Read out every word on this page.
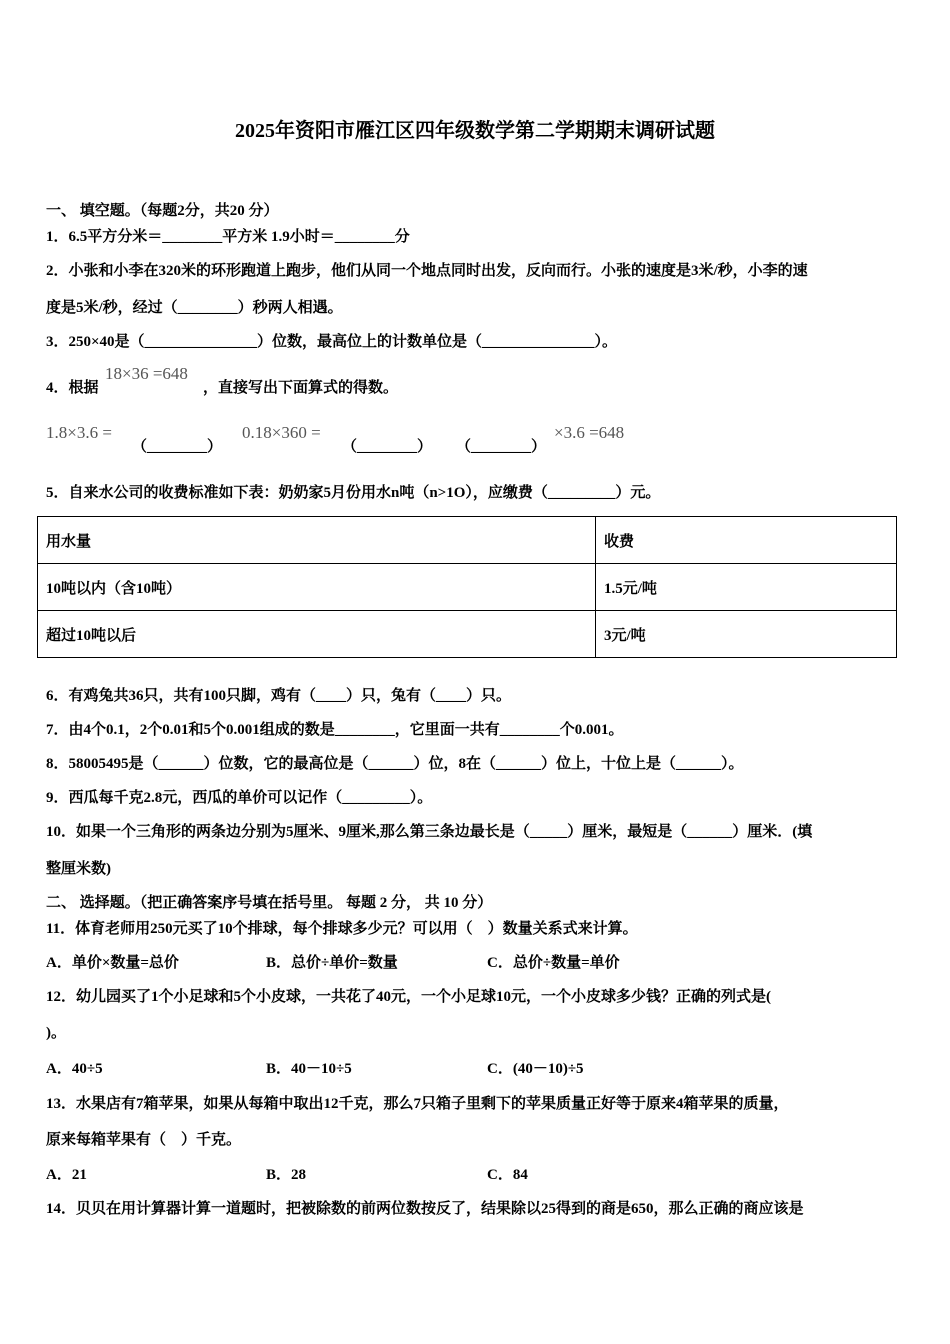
2025年资阳市雁江区四年级数学第二学期期末调研试题
一、 填空题。（每题2分，共20 分）
1．6.5平方分米＝________平方米 1.9小时＝________分
2．小张和小李在320米的环形跑道上跑步，他们从同一个地点同时出发，反向而行。小张的速度是3米/秒，小李的速
度是5米/秒，经过（________）秒两人相遇。
3．250×40是（_______________）位数，最高位上的计数单位是（_______________）。
4．根据
18×36 =648
，直接写出下面算式的得数。
1.8×3.6 =
（________）
0.18×360 =
（________） （________）
×3.6 =648
5．自来水公司的收费标准如下表：奶奶家5月份用水n吨（n>1O），应缴费（_________）元。
用水量	收费
10吨以内（含10吨）	1.5元/吨
超过10吨以后	3元/吨
6．有鸡兔共36只，共有100只脚，鸡有（____）只，兔有（____）只。
7．由4个0.1，2个0.01和5个0.001组成的数是________，它里面一共有________个0.001。
8．58005495是（______）位数，它的最高位是（______）位，8在（______）位上，十位上是（______）。
9．西瓜每千克2.8元，西瓜的单价可以记作（_________）。
10．如果一个三角形的两条边分别为5厘米、9厘米,那么第三条边最长是（_____）厘米，最短是（______）厘米．(填
整厘米数)
二、 选择题。（把正确答案序号填在括号里。 每题 2 分， 共 10 分）
11．体育老师用250元买了10个排球，每个排球多少元？可以用（　）数量关系式来计算。
A．单价×数量=总价	B．总价÷单价=数量	C．总价÷数量=单价
12．幼儿园买了1个小足球和5个小皮球，一共花了40元，一个小足球10元，一个小皮球多少钱？正确的列式是(
)。
A．40÷5	B．40－10÷5	C．(40－10)÷5
13．水果店有7箱苹果，如果从每箱中取出12千克，那么7只箱子里剩下的苹果质量正好等于原来4箱苹果的质量，
原来每箱苹果有（　）千克。
A．21	B．28	C．84
14．贝贝在用计算器计算一道题时，把被除数的前两位数按反了，结果除以25得到的商是650，那么正确的商应该是
